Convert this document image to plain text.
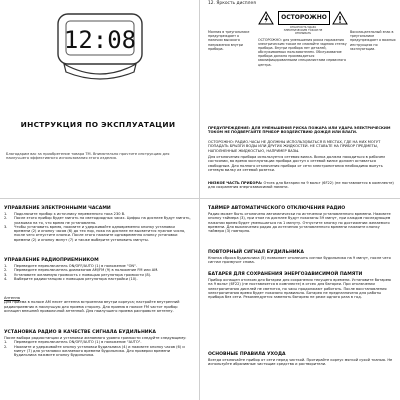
12:08
ИНСТРУКЦИЯ ПО ЭКСПЛУАТАЦИИ
Благодарим вас за приобретение товара ТМ. Внимательно прочтите инструкцию для наилучшего эффективного использования этого изделия.
12. Яркость дисплея
Молния в треугольнике предупреждает о наличии высокого напряжения внутри прибора.
ОСТОРОЖНО
ОПАСНОСТЬ УДАРА ЭЛЕКТРИЧЕСКИМ ТОКОМ НЕ ОТКРЫВАТЬ
ОСТОРОЖНО: для уменьшения риска поражения электрическим током не снимайте заднюю стенку прибора. Внутри прибора нет деталей, обслуживаемых пользователем. Обслуживание прибора должно производиться квалифицированными специалистами сервисного центра.
Восклицательный знак в треугольнике предупреждает о важных инструкциях по эксплуатации.
ПРЕДУПРЕЖДЕНИЕ: ДЛЯ УМЕНЬШЕНИЯ РИСКА ПОЖАРА ИЛИ УДАРА ЭЛЕКТРИЧЕСКИМ ТОКОМ НЕ ПОДВЕРГАЙТЕ ПРИБОР ВОЗДЕЙСТВИЮ ДОЖДЯ ИЛИ ВЛАГИ.
ОСТОРОЖНО: РАДИО-ЧАСЫ НЕ ДОЛЖНЫ ИСПОЛЬЗОВАТЬСЯ В МЕСТАХ, ГДЕ НА НИХ МОГУТ ПОПАДАТЬ БРЫЗГИ ВОДЫ ИЛИ ДРУГИХ ЖИДКОСТЕЙ. НЕ СТАВЬТЕ НА ПРИБОР ПРЕДМЕТЫ, НАПОЛНЕННЫЕ ЖИДКОСТЬЮ, НАПРИМЕР ВАЗЫ.
Для отключения прибора используется сетевая вилка. Вилка должна находиться в рабочем состоянии, во время эксплуатации прибора доступ к сетевой вилке должен оставаться свободным. Для полного отключения прибора от сети электропитания необходимо вынуть сетевую вилку из сетевой розетки.
НИЗКОЕ ЧАСТЬ ПРИБОРА: Отсек для батареи на 9 вольт (6F22) (не поставляется в комплекте) для сохранения энергозависимой памяти.
УПРАВЛЕНИЕ ЭЛЕКТРОННЫМИ ЧАСАМИ
1.	Подключите прибор к источнику переменного тока 230 В.
2.	После этого прибор будет мигать на светодиодных часах. Цифры на дисплее будут мигать, указывая на то, что время не установлено.
3.	Чтобы установить время, нажмите и удерживайте одновременно кнопку установки времени (2) и кнопку часов (6) до тех пор, пока на дисплее не высветится нужное число, после чего отпустите кнопки. После этого нажмите одновременно кнопку установки времени (2) и кнопку минут (7) и также выберите установить минуты.
УПРАВЛЕНИЕ РАДИОПРИЕМНИКОМ
1.	Переведите переключатель ON/OFF/AUTO (1) в положение "ON".
2.	Переведите переключатель диапазонов AM/FM (9) в положение FM или AM.
3.	Установите желаемую громкость с помощью регулятора громкости (8).
4.	Выберите радиостанцию с помощью регулятора настройки (10).
Антенна
Для приема в полосе AM несет антенна встроенная внутри корпуса; настройте внутренний радиоприемник в наилучшую для приема сторону. Для приема в полосе FM частот прибор оснащен внешней проволочной антенной. Для наилучшего приема расправьте антенну.
УСТАНОВКА РАДИО В КАЧЕСТВЕ СИГНАЛА БУДИЛЬНИКА
После выбора радиостанции и установки желаемого уровня громкости следуйте следующему:
1.	Переведите переключатель ON/OFF/AUTO (1) в положение "AUTO".
2.	Нажмите и удерживайте кнопку установки будильника (4) и нажмите кнопку часов (6) и минут (7) для установки желаемого времени будильника. Для проверки времени будильника нажмите кнопку будильника.
ТАЙМЕР АВТОМАТИЧЕСКОГО ОТКЛЮЧЕНИЯ РАДИО
Радио может быть отключено автоматически по истечении установленного времени. Нажмите кнопку таймера (3), при этом на дисплее будут показаны 59 минут, при каждом последующем нажатии время будет уменьшаться на 1 минуту. Отпустите кнопку по достижении желаемого времени. Для выключения радио до истечения установленного времени нажмите кнопку таймера (3) повторно.
ПОВТОРНЫЙ СИГНАЛ БУДИЛЬНИКА
Кнопка сброса будильника (5) позволяет отключить сигнал будильника на 9 минут, после чего сигнал прозвучит снова.
БАТАРЕЯ ДЛЯ СОХРАНЕНИЯ ЭНЕРГОЗАВИСИМОЙ ПАМЯТИ
Прибор оснащен отсеком для батареи для сохранения текущего времени. Установите батарею на 9 вольт (6F22) (не поставляется в комплекте) в отсек для батареи. При отключении электропитания дисплей не светится, но часы продолжают работать. После восстановления электропитания время будет показано правильно. Батарея не предназначена для работы прибора без сети. Рекомендуется заменять батарею не реже одного раза в год.
ОСНОВНЫЕ ПРАВИЛА УХОДА
Всегда отключайте прибор от сети перед чисткой. Протирайте корпус мягкой сухой тканью. Не используйте абразивные чистящие средства и растворители.
